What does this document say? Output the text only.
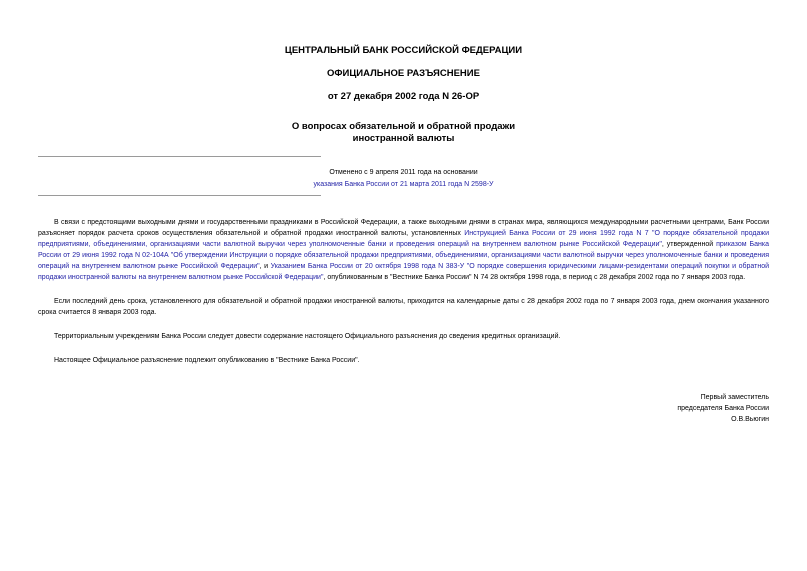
ЦЕНТРАЛЬНЫЙ БАНК РОССИЙСКОЙ ФЕДЕРАЦИИ
ОФИЦИАЛЬНОЕ РАЗЪЯСНЕНИЕ
от 27 декабря 2002 года N 26-ОР
О вопросах обязательной и обратной продажи
иностранной валюты
Отменено с 9 апреля 2011 года на основании
указания Банка России от 21 марта 2011 года N 2598-У

В связи с предстоящими выходными днями и государственными праздниками в Российской Федерации, а также выходными днями в странах мира, являющихся международными расчетными центрами, Банк России разъясняет порядок расчета сроков осуществления обязательной и обратной продажи иностранной валюты, установленных Инструкцией Банка России от 29 июня 1992 года N 7 "О порядке обязательной продажи предприятиями, объединениями, организациями части валютной выручки через уполномоченные банки и проведения операций на внутреннем валютном рынке Российской Федерации", утвержденной приказом Банка России от 29 июня 1992 года N 02-104А "Об утверждении Инструкции о порядке обязательной продажи предприятиями, объединениями, организациями части валютной выручки через уполномоченные банки и проведения операций на внутреннем валютном рынке Российской Федерации", и Указанием Банка России от 20 октября 1998 года N 383-У "О порядке совершения юридическими лицами-резидентами операций покупки и обратной продажи иностранной валюты на внутреннем валютном рынке Российской Федерации", опубликованным в "Вестнике Банка России" N 74 28 октября 1998 года, в период с 28 декабря 2002 года по 7 января 2003 года.

Если последний день срока, установленного для обязательной и обратной продажи иностранной валюты, приходится на календарные даты с 28 декабря 2002 года по 7 января 2003 года, днем окончания указанного срока считается 8 января 2003 года.

Территориальным учреждениям Банка России следует довести содержание настоящего Официального разъяснения до сведения кредитных организаций.

Настоящее Официальное разъяснение подлежит опубликованию в "Вестнике Банка России".

Первый заместитель
председателя Банка России
О.В.Вьюгин
